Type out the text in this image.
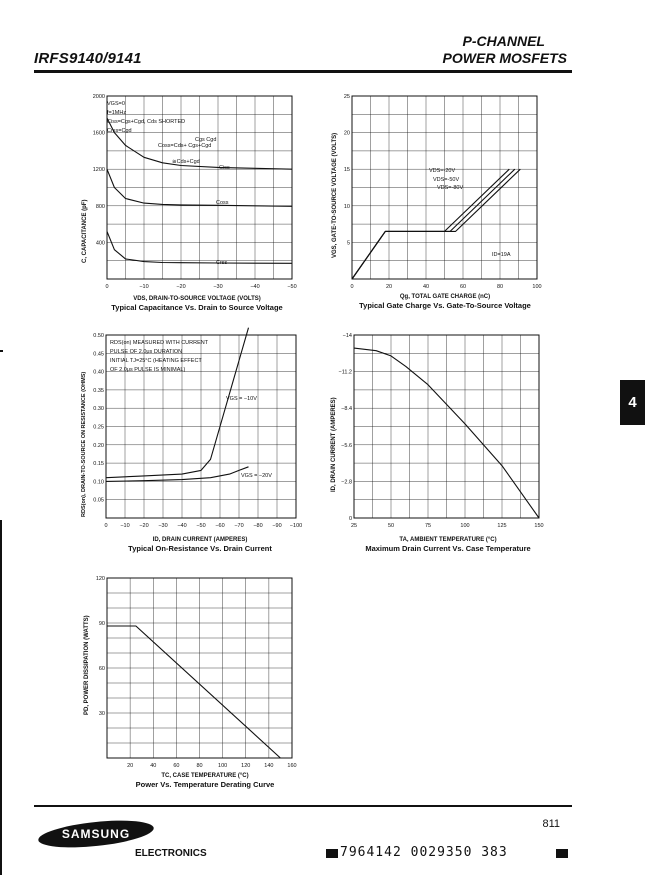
P-CHANNEL
IRFS9140/9141	POWER MOSFETS
4
0	−10	−20	−30	−40	−50
400
800
1200
1600
2000
VGS=0
f=1MHz
Ciss=Cgs+Cgd, Cds SHORTED
Crss=Cgd
Cgs Cgd
Coss=Cds+ Cgs+Cgd
≅Cds+Cgd
Ciss
Coss
Crss
C, CAPACITANCE (pF)
VDS, DRAIN-TO-SOURCE VOLTAGE (VOLTS)
Typical Capacitance Vs. Drain to Source Voltage
0	20	40	60	80	100
5
10
15
20
25
VDS=-20V
VDS=-50V
VDS=-80V
ID=19A
VGS, GATE-TO-SOURCE VOLTAGE (VOLTS)
Qg, TOTAL GATE CHARGE (nC)
Typical Gate Charge Vs. Gate-To-Source Voltage
0 −10 −20 −30 −40 −50 −60 −70 −80 −90 −100
0.05
0.10
0.15
0.20
0.25
0.30
0.35
0.40
0.45
0.50
RDS(on) MEASURED WITH CURRENT
PULSE OF 2.0μs DURATION
INITIAL TJ=25°C (HEATING EFFECT
OF 2.0μs PULSE IS MINIMAL)
VGS = −10V
VGS = −20V
RDS(on), DRAIN-TO-SOURCE ON RESISTANCE (OHMS)
ID, DRAIN CURRENT (AMPERES)
Typical On-Resistance Vs. Drain Current
25	50	75	100	125	150
0
−2.8
−5.6
−8.4
−11.2
−14
ID, DRAIN CURRENT (AMPERES)
TA, AMBIENT TEMPERATURE (°C)
Maximum Drain Current Vs. Case Temperature
20	40	60	80	100	120	140	160
30
60
90
120
PD, POWER DISSIPATION (WATTS)
TC, CASE TEMPERATURE (°C)
Power Vs. Temperature Derating Curve
SAMSUNG
ELECTRONICS
811
7964142 0029350 383
